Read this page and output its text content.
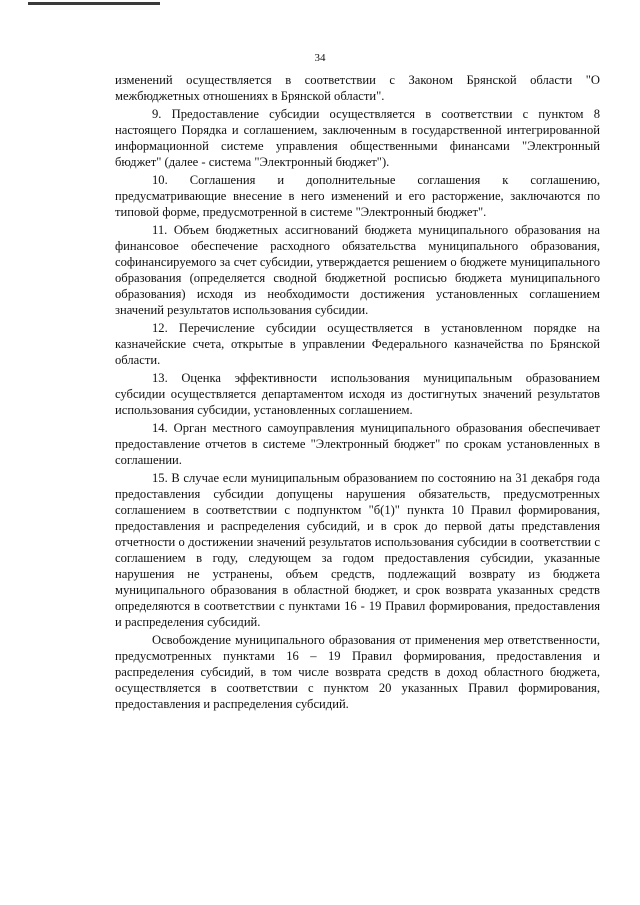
34

изменений осуществляется в соответствии с Законом Брянской области "О межбюджетных отношениях в Брянской области".

9. Предоставление субсидии осуществляется в соответствии с пунктом 8 настоящего Порядка и соглашением, заключенным в государственной интегрированной информационной системе управления общественными финансами "Электронный бюджет" (далее - система "Электронный бюджет").

10. Соглашения и дополнительные соглашения к соглашению, предусматривающие внесение в него изменений и его расторжение, заключаются по типовой форме, предусмотренной в системе "Электронный бюджет".

11. Объем бюджетных ассигнований бюджета муниципального образования на финансовое обеспечение расходного обязательства муниципального образования, софинансируемого за счет субсидии, утверждается решением о бюджете муниципального образования (определяется сводной бюджетной росписью бюджета муниципального образования) исходя из необходимости достижения установленных соглашением значений результатов использования субсидии.

12. Перечисление субсидии осуществляется в установленном порядке на казначейские счета, открытые в управлении Федерального казначейства по Брянской области.

13. Оценка эффективности использования муниципальным образованием субсидии осуществляется департаментом исходя из достигнутых значений результатов использования субсидии, установленных соглашением.

14. Орган местного самоуправления муниципального образования обеспечивает предоставление отчетов в системе "Электронный бюджет" по срокам установленных в соглашении.

15. В случае если муниципальным образованием по состоянию на 31 декабря года предоставления субсидии допущены нарушения обязательств, предусмотренных соглашением в соответствии с подпунктом "б(1)" пункта 10 Правил формирования, предоставления и распределения субсидий, и в срок до первой даты представления отчетности о достижении значений результатов использования субсидии в соответствии с соглашением в году, следующем за годом предоставления субсидии, указанные нарушения не устранены, объем средств, подлежащий возврату из бюджета муниципального образования в областной бюджет, и срок возврата указанных средств определяются в соответствии с пунктами 16 - 19 Правил формирования, предоставления и распределения субсидий.

Освобождение муниципального образования от применения мер ответственности, предусмотренных пунктами 16 – 19 Правил формирования, предоставления и распределения субсидий, в том числе возврата средств в доход областного бюджета, осуществляется в соответствии с пунктом 20 указанных Правил формирования, предоставления и распределения субсидий.
